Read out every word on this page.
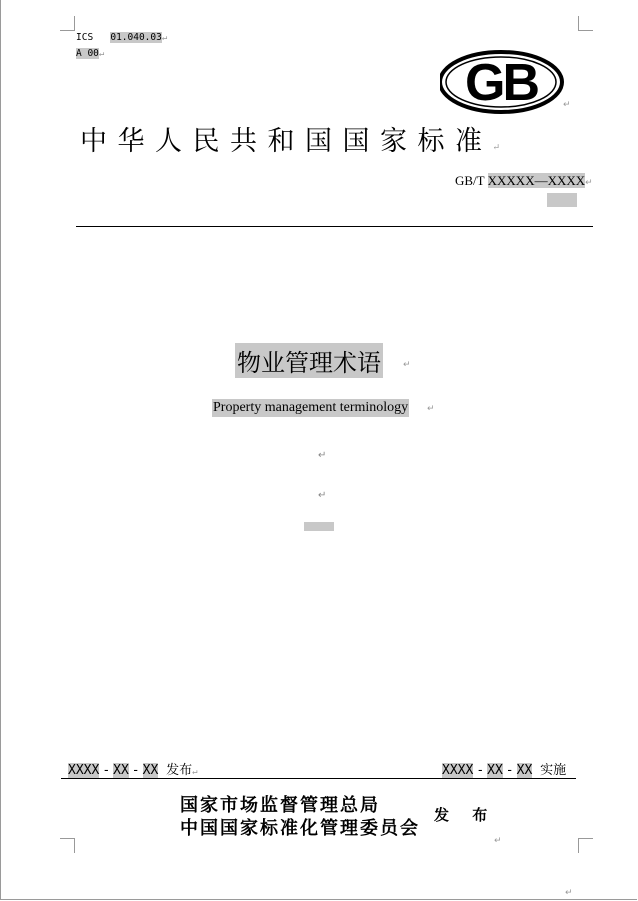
ICS 01.040.03↵
A 00↵	GB	↵
中华人民共和国国家标准↵
GB/T XXXXX—XXXX↵
物业管理术语 ↵
Property management terminology ↵
↵
↵
XXXX - XX - XX 发布↵	XXXX - XX - XX 实施
国家市场监督管理总局
中国国家标准化管理委员会
发 布
↵
↵
